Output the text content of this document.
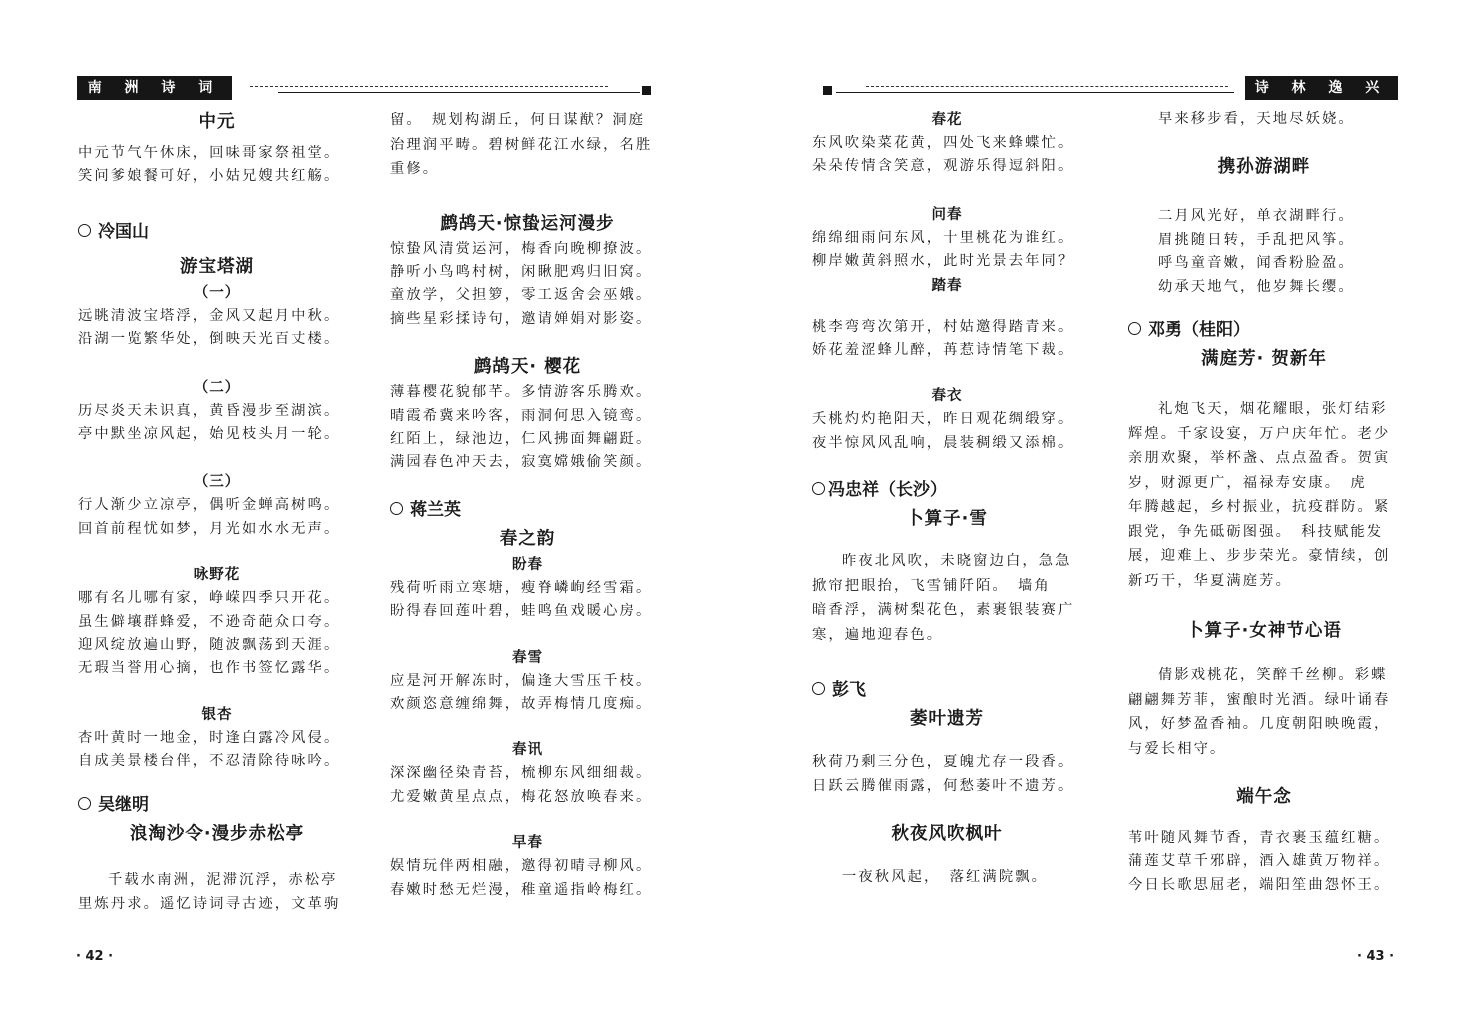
南 洲 诗 词	诗 林 逸 兴
中元
中元节气午休床，回味哥家祭祖堂。
笑问爹娘餐可好，小姑兄嫂共红觞。
冷国山
游宝塔湖
（一）
远眺清波宝塔浮，金风又起月中秋。
沿湖一览繁华处，倒映天光百丈楼。
（二）
历尽炎天未识真，黄昏漫步至湖滨。
亭中默坐凉风起，始见枝头月一轮。
（三）
行人渐少立凉亭，偶听金蝉高树鸣。
回首前程忧如梦，月光如水水无声。
咏野花
哪有名儿哪有家，峥嵘四季只开花。
虽生僻壤群蜂爱，不逊奇葩众口夸。
迎风绽放遍山野，随波飘荡到天涯。
无瑕当誉用心摘，也作书签忆露华。
银杏
杏叶黄时一地金，时逢白露冷风侵。
自成美景楼台伴，不忍清除待咏吟。
吴继明
浪淘沙令·漫步赤松亭
千载水南洲，泥滞沉浮，赤松亭
里炼丹求。遥忆诗词寻古迹，文革驹
留。　规划构湖丘，何日谋猷？洞庭
治理润平畴。碧树鲜花江水绿，名胜
重修。
鹧鸪天·惊蛰运河漫步
惊蛰风清赏运河，梅香向晚柳撩波。
静听小鸟鸣村树，闲瞅肥鸡归旧窝。
童放学，父担箩，零工返舍会巫娥。
摘些星彩揉诗句，邀请婵娟对影姿。
鹧鸪天· 樱花
薄暮樱花貌郁芊。多情游客乐腾欢。
晴霞希冀来吟客，雨洞何思入镜鸾。
红陌上，绿池边，仁风拂面舞翩跹。
满园春色冲天去，寂寞嫦娥偷笑颜。
蒋兰英
春之韵
盼春
残荷听雨立寒塘，瘦脊嶙峋经雪霜。
盼得春回莲叶碧，蛙鸣鱼戏暖心房。
春雪
应是河开解冻时，偏逢大雪压千枝。
欢颜恣意缠绵舞，故弄梅情几度痴。
春讯
深深幽径染青苔，梳柳东风细细裁。
尤爱嫩黄星点点，梅花怒放唤春来。
早春
娱情玩伴两相融，邀得初晴寻柳风。
春嫩时愁无烂漫，稚童遥指岭梅红。
春花
东风吹染菜花黄，四处飞来蜂蝶忙。
朵朵传情含笑意，观游乐得逗斜阳。
问春
绵绵细雨问东风，十里桃花为谁红。
柳岸嫩黄斜照水，此时光景去年同？
踏春
桃李弯弯次第开，村姑邀得踏青来。
娇花羞涩蜂儿醉，苒惹诗情笔下裁。
春衣
夭桃灼灼艳阳天，昨日观花绸缎穿。
夜半惊风风乱响，晨装稠缎又添棉。
冯忠祥（长沙）
卜算子·雪
昨夜北风吹，未晓窗边白，急急
掀帘把眼抬，飞雪铺阡陌。　墙角
暗香浮，满树梨花色，素裹银装赛广
寒，遍地迎春色。
彭飞
萎叶遗芳
秋荷乃剩三分色，夏魄尤存一段香。
日跃云腾催雨露，何愁萎叶不遗芳。
秋夜风吹枫叶
一夜秋风起，　落红满院飘。
早来移步看，天地尽妖娆。
携孙游湖畔
二月风光好，单衣湖畔行。
眉挑随日转，手乱把风筝。
呼鸟童音嫩，闻香粉脸盈。
幼承天地气，他岁舞长缨。
邓勇（桂阳）
满庭芳· 贺新年
礼炮飞天，烟花耀眼，张灯结彩
辉煌。千家设宴，万户庆年忙。老少
亲朋欢聚，举杯盏、点点盈香。贺寅
岁，财源更广，福禄寿安康。　虎
年腾越起，乡村振业，抗疫群防。紧
跟党，争先砥砺图强。　科技赋能发
展，迎难上、步步荣光。豪情续，创
新巧干，华夏满庭芳。
卜算子·女神节心语
倩影戏桃花，笑醉千丝柳。彩蝶
翩翩舞芳菲，蜜酿时光酒。绿叶诵春
风，好梦盈香袖。几度朝阳映晚霞，
与爱长相守。
端午念
苇叶随风舞节香，青衣裹玉蕴红糖。
蒲莲艾草千邪辟，酒入雄黄万物祥。
今日长歌思屈老，端阳笙曲怨怀王。
· 42 ·	· 43 ·
